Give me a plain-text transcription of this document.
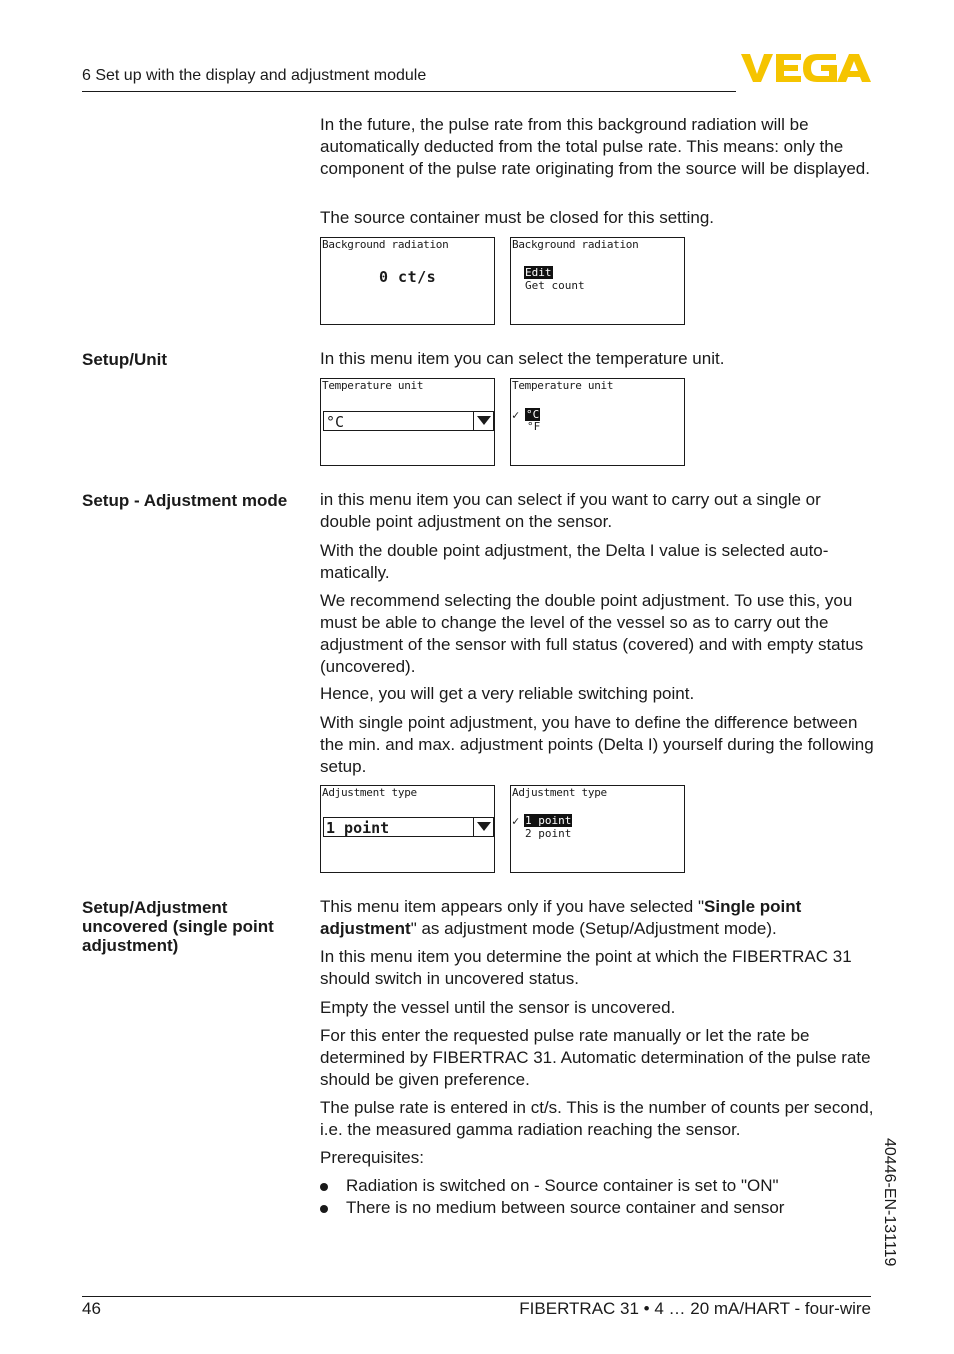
6 Set up with the display and adjustment module
In the future, the pulse rate from this background radiation will be automatically deducted from the total pulse rate. This means: only the component of the pulse rate originating from the source will be displayed.
The source container must be closed for this setting.
Background radiation
0 ct/s
Background radiation
Edit
Get count
Setup/Unit	In this menu item you can select the temperature unit.
Temperature unit
°C
Temperature unit
✓ °C
°F
Setup - Adjustment mode	in this menu item you can select if you want to carry out a single or double point adjustment on the sensor.
With the double point adjustment, the Delta I value is selected auto-matically.
We recommend selecting the double point adjustment. To use this, you must be able to change the level of the vessel so as to carry out the adjustment of the sensor with full status (covered) and with empty status (uncovered).
Hence, you will get a very reliable switching point.
With single point adjustment, you have to define the difference between the min. and max. adjustment points (Delta I) yourself during the following setup.
Adjustment type
1 point
Adjustment type
✓ 1 point
2 point
Setup/Adjustment uncovered (single point adjustment)
This menu item appears only if you have selected "Single point adjustment" as adjustment mode (Setup/Adjustment mode).
In this menu item you determine the point at which the FIBERTRAC 31 should switch in uncovered status.
Empty the vessel until the sensor is uncovered.
For this enter the requested pulse rate manually or let the rate be determined by FIBERTRAC 31. Automatic determination of the pulse rate should be given preference.
The pulse rate is entered in ct/s. This is the number of counts per second, i.e. the measured gamma radiation reaching the sensor.
Prerequisites:
Radiation is switched on - Source container is set to "ON"
There is no medium between source container and sensor	40446-EN-131119
46	FIBERTRAC 31 • 4 … 20 mA/HART - four-wire
